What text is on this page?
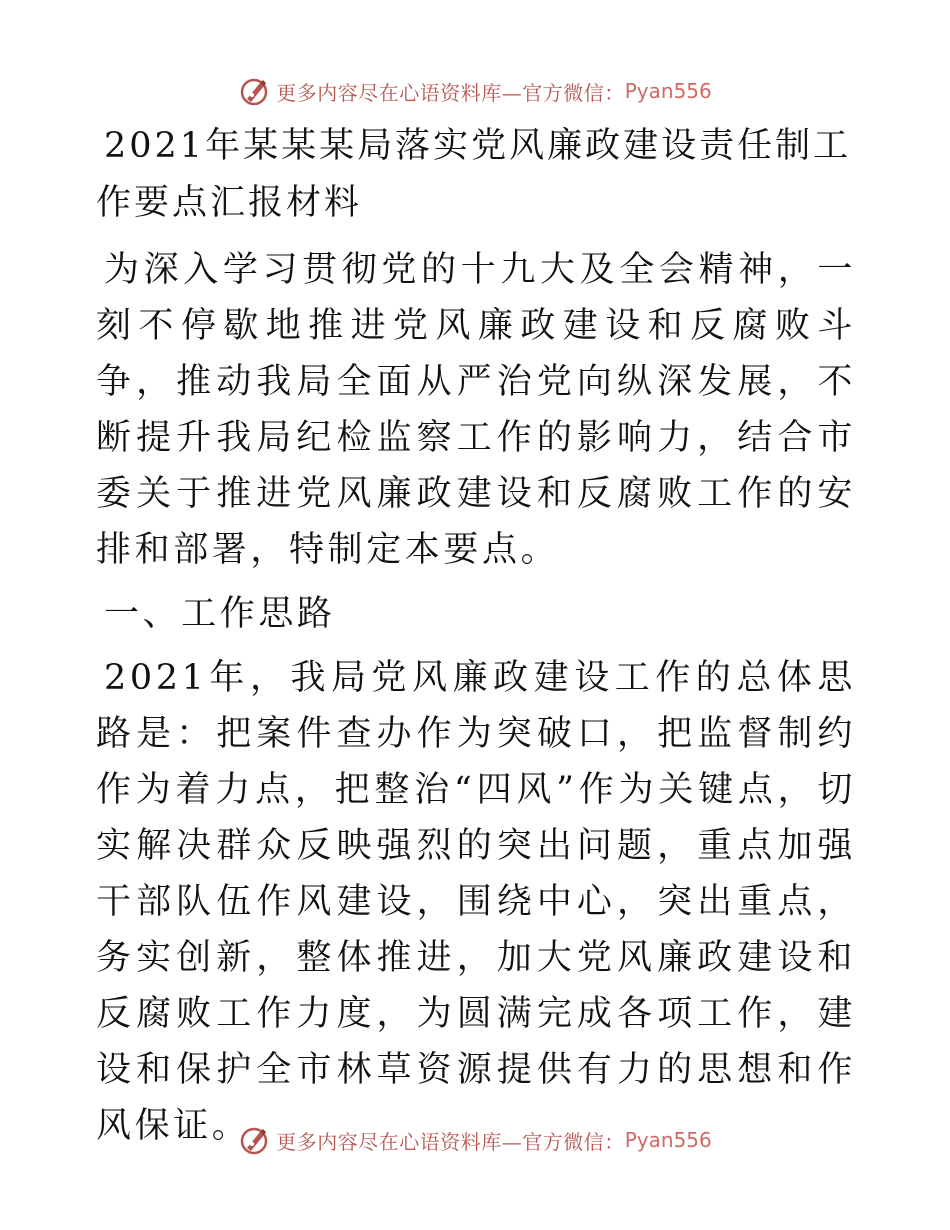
更多内容尽在心语资料库—官方微信： Pyan556
2021年某某某局落实党风廉政建设责任制工作要点汇报材料

为深入学习贯彻党的十九大及全会精神，一刻不停歇地推进党风廉政建设和反腐败斗争，推动我局全面从严治党向纵深发展，不断提升我局纪检监察工作的影响力，结合市委关于推进党风廉政建设和反腐败工作的安排和部署，特制定本要点。

一、工作思路

2021年，我局党风廉政建设工作的总体思路是：把案件查办作为突破口，把监督制约作为着力点，把整治“四风”作为关键点，切实解决群众反映强烈的突出问题，重点加强干部队伍作风建设，围绕中心，突出重点，务实创新，整体推进，加大党风廉政建设和反腐败工作力度，为圆满完成各项工作，建设和保护全市林草资源提供有力的思想和作风保证。	更多内容尽在心语资料库—官方微信： Pyan556
